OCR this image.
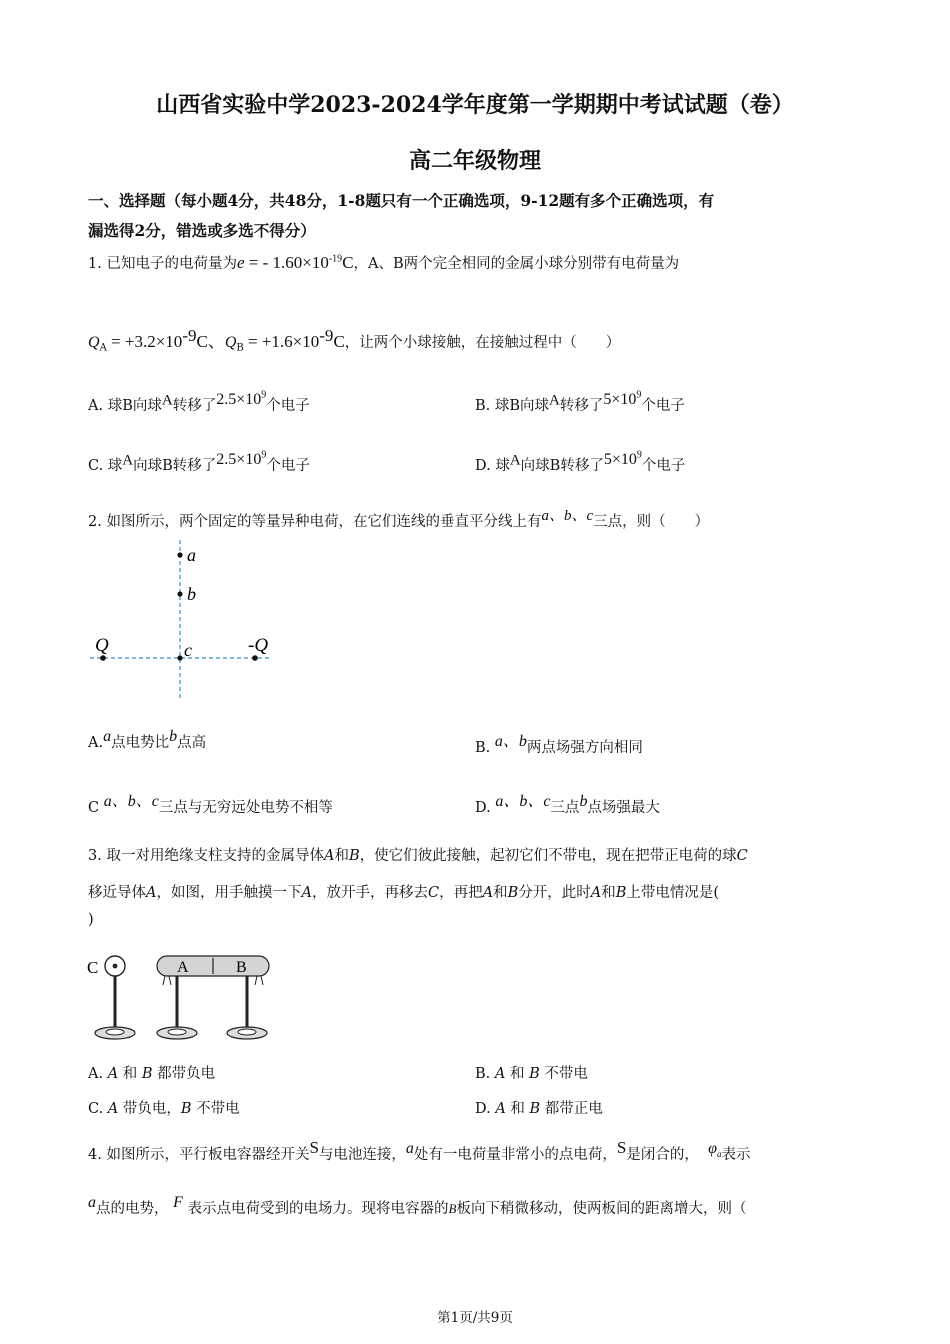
山西省实验中学2023-2024学年度第一学期期中考试试题（卷）
高二年级物理
一、选择题（每小题4分，共48分，1-8题只有一个正确选项，9-12题有多个正确选项，有
漏选得2分，错选或多选不得分）
1. 已知电子的电荷量为e = - $1.60\times 10^{-19}C$，A、B两个完全相同的金属小球分别带有电荷量为
$Q_A = +3.2\times 10^{-9}C$、$Q_B = +1.6\times 10^{-9}C$，让两个小球接触，在接触过程中（　　）
A. 球B向球$^A$转移了$^{2.5\times 10^9}$个电子	B. 球B向球$^A$转移了$^{5\times 10^9}$个电子
C. 球$^A$向球B转移了$^{2.5\times 10^9}$个电子	D. 球$^A$向球B转移了$^{5\times 10^9}$个电子
2. 如图所示，两个固定的等量异种电荷，在它们连线的垂直平分线上有$^{a、b、c}$三点，则（　　）
a
b
c
Q	-Q
A.$^a$点电势比$^b$点高	B. $^{a、b}$两点场强方向相同
C $^{a、b、c}$三点与无穷远处电势不相等	D. $^{a、b、c}$三点$^b$点场强最大
3. 取一对用绝缘支柱支持的金属导体A和B，使它们彼此接触，起初它们不带电，现在把带正电荷的球C
移近导体A，如图，用手触摸一下A，放开手，再移去C，再把A和B分开，此时A和B上带电情况是(
)
C	A	B
A. A 和 B 都带负电	B. A 和 B 不带电
C. A 带负电，B 不带电	D. A 和 B 都带正电
4. 如图所示，平行板电容器经开关$^S$与电池连接，$^a$处有一电荷量非常小的点电荷，$^S$是闭合的， $^{\varphi_a}$表示
$^a$点的电势， $^F$ 表示点电荷受到的电场力。现将电容器的B板向下稍微移动，使两板间的距离增大，则（
第1页/共9页
